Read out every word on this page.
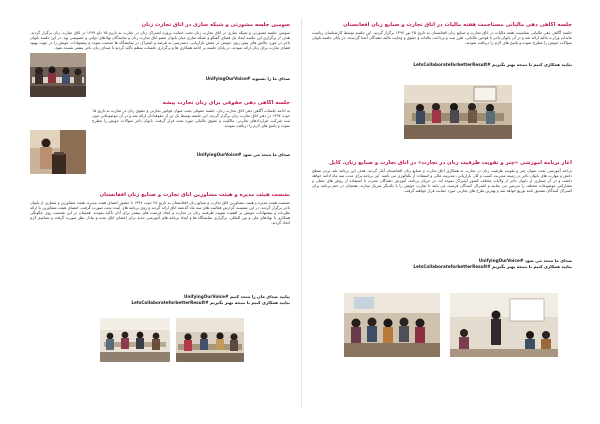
سومین جلسه مشورتی و شبکه سازی در اتاق تجارت زنان

سومین جلسه مشورتی و شبکه سازی در اتاق تجارت زنان تحت حمایت پروژه اشتراک زنان در تجارت به تاریخ ۲۵ دلو ۱۳۹۷ در اتاق تجارت زنان برگزار گردید. هدف از برگزاری این جلسه ایجاد یک فضای گفتگو و شبکه سازی میان بانوان عضو اتاق تجارت زنان و نمایندگان نهادهای دولتی و خصوصی بود. در این جلسه بانوان تاجر در مورد چالش های پیش روی خویش در بخش بازاریابی، دسترسی به قرضه و اشتراک در نمایشگاه ها صحبت نموده و پیشنهادات خویش را در جهت بهبود فضای تجارت برای زنان ارائه نمودند. در پایان جلسه بر ادامه همکاری ها و برگزاری جلسات منظم تأکید گردید تا صدای زنان تاجر بیشتر شنیده شود.

صدای ما را بشنوید #UnifyingOurVoice

جلسه آگاهی دهی حقوقی برای زنان تجارت پیشه

به ادامه جلسات آگاهی دهی اتاق تجارت زنان، جلسه حقوقی تحت عنوان قوانین تجارتی و حقوق زنان در تجارت به تاریخ ۱۵ حوت ۱۳۹۷ در دفتر اتاق تجارت زنان برگزار گردید. این جلسه توسط یک تن از حقوقدانان ارائه شد و در آن موضوعاتی چون ثبت شرکت، قراردادهای تجارتی، مالکیت و حقوق مالیاتی مورد بحث قرار گرفت. بانوان تاجر سوالات خویش را مطرح نموده و پاسخ های لازم را دریافت نمودند.

صدای ما متحد می شود #UnifyingOurVoice

نشست هیئت مدیره و هیئت مشاورین اتاق تجارت و صنایع زنان افغانستان

نشست هیئت مدیره و هیئت مشاورین اتاق تجارت و صنایع زنان افغانستان به تاریخ ۲۸ حوت ۱۳۹۷ با حضور اعضای هیئت مدیره، هیئت مشاورین و شماری از بانوان تاجر برگزار گردید. در این نشست گزارش فعالیت های سه ماه گذشته اتاق ارائه گردید و روی برنامه های آینده بحث صورت گرفت. اعضای هیئت مشاورین با ارائه نظریات و پیشنهادات خویش بر اهمیت تقویت ظرفیت زنان در تجارت و ایجاد فرصت های بیشتر برای آنان تأکید نمودند. همچنان در این نشست روی چگونگی همکاری با نهادهای ملی و بین المللی، برگزاری نمایشگاه ها و ایجاد برنامه های آموزشی جدید برای اعضای اتاق بحث و تبادل نظر صورت گرفت و تصامیم لازم اتخاذ گردید.

بیایید صدای مان را متحد کنیم #UnifyingOurVoice

بیایید همکاری کنیم تا نتیجه بهتر بگیریم #LetsCollaborateforbetterResult

جلسه آگاهی دهی مالیاتی مستاجمت هفته مالیات در اتاق تجارت و صنایع زنان افغانستان

جلسه آگاهی دهی مالیاتی بمناسبت هفته مالیات در اتاق تجارت و صنایع زنان افغانستان به تاریخ ۲۵ ثور ۱۳۹۷ برگزار گردید. این جلسه توسط کارشناسان ریاست عایدات وزارت مالیه ارائه شد و در آن بانوان تاجر با قوانین مالیاتی، طرز ثبت و پرداخت مالیات و حقوق و وجایب مالیه دهندگان آشنا گردیدند. در پایان جلسه بانوان سوالات خویش را مطرح نموده و پاسخ های لازم را دریافت نمودند.

بیایید همکاری کنیم تا نتیجه بهتر بگیریم #LetsCollaborateforbetterResult

آغاز برنامه آموزشی «چتر و تقویت ظرفیت زنان در تجارت» در اتاق تجارت و صنایع زنان، کابل

برنامه آموزشی تحت عنوان چتر و تقویت ظرفیت زنان در تجارت به همکاری اتاق تجارت و صنایع زنان افغانستان آغاز گردید. هدف این برنامه بلند بردن سطح دانش و مهارت های بانوان تاجر در زمینه مدیریت کسب و کار، بازاریابی، مدیریت مالی و استفاده از تکنالوژی می باشد. این برنامه برای مدت سه ماه ادامه خواهد داشت و در آن شماری از بانوان تاجر از ولایات مختلف کشور اشتراک نموده اند. در جریان برنامه، آموزش دهندگان مجرب با استفاده از روش های عملی و مشارکتی موضوعات مختلف را تدریس می نمایند و اشتراک کنندگان فرصت می یابند تا تجارب خویش را با یکدیگر شریک سازند. همچنان در ختم برنامه برای اشتراک کنندگان تصدیق نامه توزیع خواهد شد و بهترین طرح های تجارتی مورد حمایت قرار خواهند گرفت.

صدای ما متحد می شود #UnifyingOurVoice

بیایید همکاری کنیم تا نتیجه بهتر بگیریم #LetsCollaborateforbetterResult
